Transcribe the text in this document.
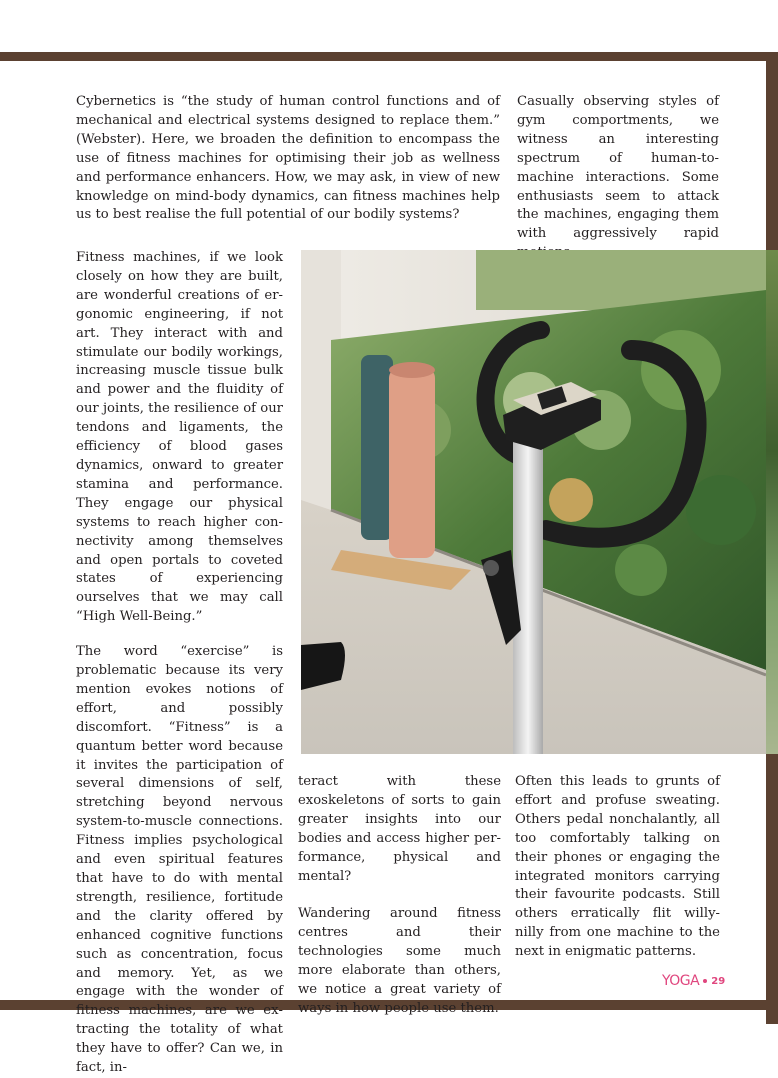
Cybernetics is “the study of human control functions and of mechanical and electrical systems designed to replace them.” (Webster). Here, we broaden the definition to encompass the use of fitness machines for optimising their job as wellness and performance enhancers. How, we may ask, in view of new knowledge on mind-body dynamics, can fitness machines help us to best realise the full potential of our bodily systems?

Casually observing styles of gym comportments, we witness an interesting spectrum of human-to-machine interactions. Some enthusiasts seem to attack the machines, engaging them with aggressively rapid

Fitness machines, if we look closely on how they are built, are wonderful creations of ergonomic engineering, if not art. They interact with and stimulate our bodily workings, increasing muscle tissue bulk and power and the fluidity of our joints, the resilience of our tendons and ligaments, the efficiency of blood gases dynamics, onward to greater stamina and performance. They engage our physical systems to reach higher connectivity among themselves and open portals to coveted states of experiencing ourselves that we may call “High Well-Being.”

The word “exercise” is problematic because its very mention evokes notions of effort, and possibly discomfort. “Fitness” is a quantum better word because it invites the participation of several dimensions of self, stretching beyond nervous system-to-muscle connections. Fitness implies psychological and even spiritual features that have to do with mental strength, resilience, fortitude and the clarity offered by enhanced cognitive functions such as concentration, focus and memory. Yet, as we engage with the wonder of fitness machines, are we extracting the totality of what they have to offer? Can we, in fact, in-

teract with these exoskeletons of sorts to gain greater insights into our bodies and access higher performance, physical and mental?

Wandering around fitness centres and their technologies some much more elaborate than others, we notice a great variety of ways in how people use them.

Often this leads to grunts of effort and profuse sweating. Others pedal nonchalantly, all too comfortably talking on their phones or engaging the integrated monitors carrying their favourite podcasts. Still others erratically flit willy-nilly from one machine to the next in enigmatic patterns.

YOGA 29
